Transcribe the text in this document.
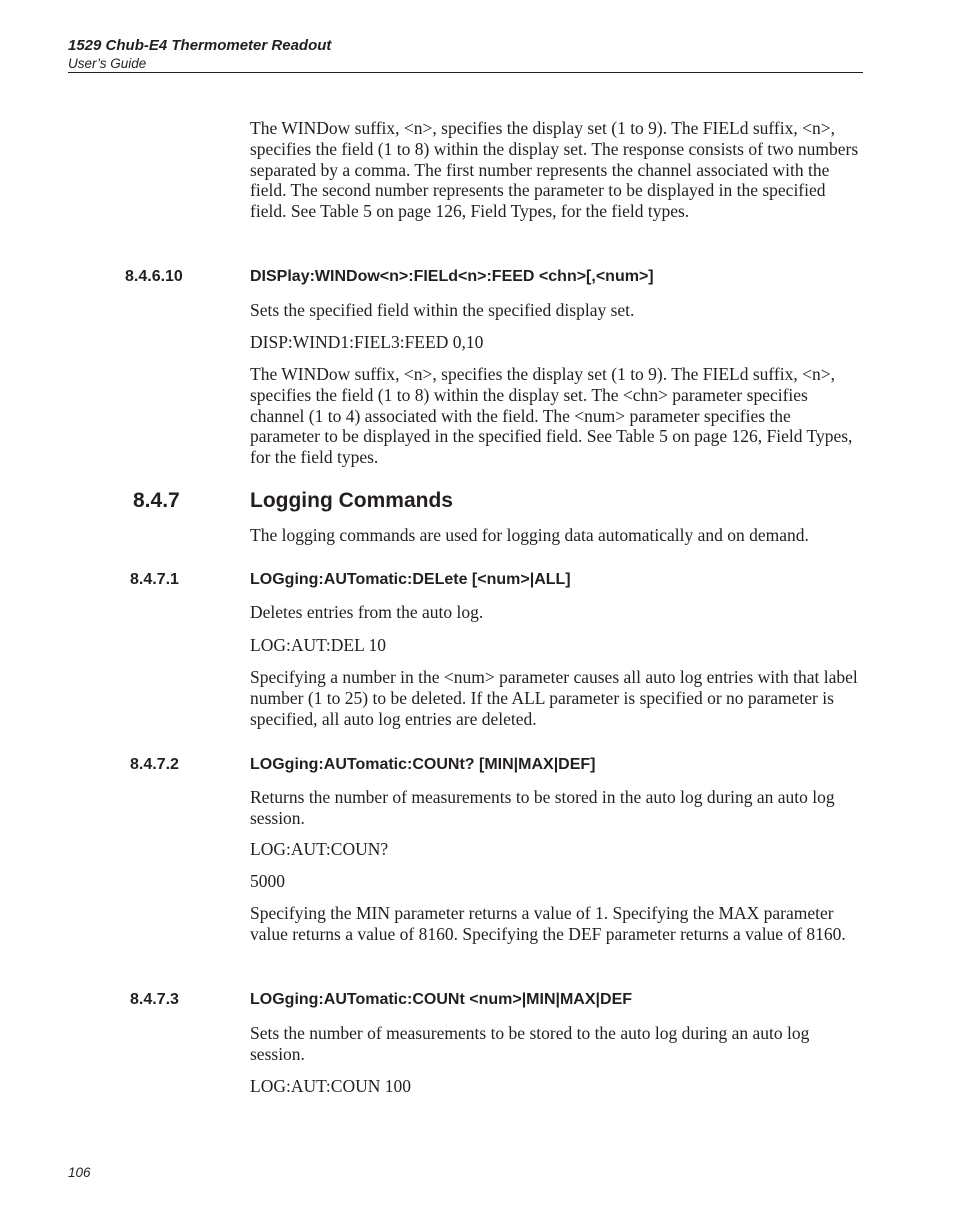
1529 Chub-E4 Thermometer Readout
User’s Guide

The WINDow suffix, <n>, specifies the display set (1 to 9). The FIELd suffix, <n>, specifies the field (1 to 8) within the display set. The response consists of two numbers separated by a comma. The first number represents the channel associated with the field. The second number represents the parameter to be displayed in the specified field. See Table 5 on page 126, Field Types, for the field types.

8.4.6.10	DISPlay:WINDow<n>:FIELd<n>:FEED <chn>[,<num>]

Sets the specified field within the specified display set.

DISP:WIND1:FIEL3:FEED 0,10

The WINDow suffix, <n>, specifies the display set (1 to 9). The FIELd suffix, <n>, specifies the field (1 to 8) within the display set. The <chn> parameter specifies channel (1 to 4) associated with the field. The <num> parameter specifies the parameter to be displayed in the specified field. See Table 5 on page 126, Field Types, for the field types.

8.4.7	Logging Commands

The logging commands are used for logging data automatically and on demand.

8.4.7.1	LOGging:AUTomatic:DELete [<num>|ALL]

Deletes entries from the auto log.

LOG:AUT:DEL 10

Specifying a number in the <num> parameter causes all auto log entries with that label number (1 to 25) to be deleted. If the ALL parameter is specified or no parameter is specified, all auto log entries are deleted.

8.4.7.2	LOGging:AUTomatic:COUNt? [MIN|MAX|DEF]

Returns the number of measurements to be stored in the auto log during an auto log session.

LOG:AUT:COUN?

5000

Specifying the MIN parameter returns a value of 1. Specifying the MAX parameter value returns a value of 8160. Specifying the DEF parameter returns a value of 8160.

8.4.7.3	LOGging:AUTomatic:COUNt <num>|MIN|MAX|DEF

Sets the number of measurements to be stored to the auto log during an auto log session.

LOG:AUT:COUN 100

106
